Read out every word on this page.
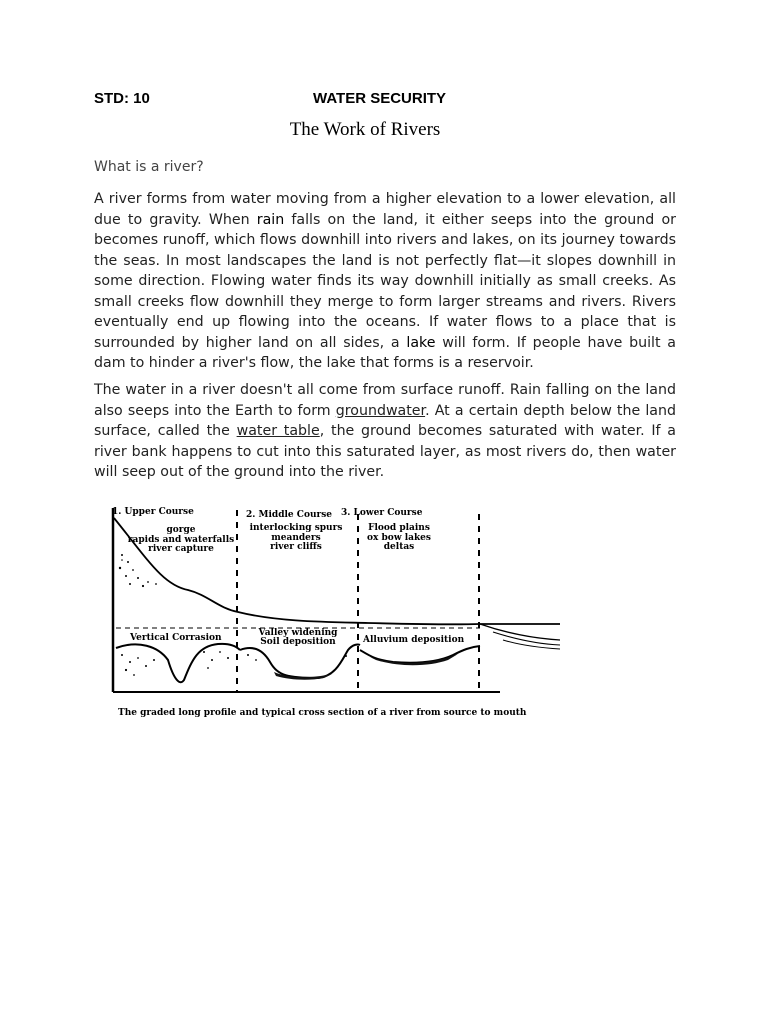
STD: 10	WATER SECURITY
The Work of Rivers
What is a river?
A river forms from water moving from a higher elevation to a lower elevation, all due to gravity. When rain falls on the land, it either seeps into the ground or becomes runoff, which flows downhill into rivers and lakes, on its journey towards the seas. In most landscapes the land is not perfectly flat—it slopes downhill in some direction. Flowing water finds its way downhill initially as small creeks. As small creeks flow downhill they merge to form larger streams and rivers. Rivers eventually end up flowing into the oceans. If water flows to a place that is surrounded by higher land on all sides, a lake will form. If people have built a dam to hinder a river's flow, the lake that forms is a reservoir.
The water in a river doesn't all come from surface runoff. Rain falling on the land also seeps into the Earth to form groundwater. At a certain depth below the land surface, called the water table, the ground becomes saturated with water. If a river bank happens to cut into this saturated layer, as most rivers do, then water will seep out of the ground into the river.
1. Upper Course	2. Middle Course 3. Lower Course
gorge
rapids and waterfalls
river capture
interlocking spurs
meanders
river cliffs
Flood plains
ox bow lakes
deltas
Vertical Corrasion	Valley widening
Soil deposition	Alluvium deposition
The graded long profile and typical cross section of a river from source to mouth
